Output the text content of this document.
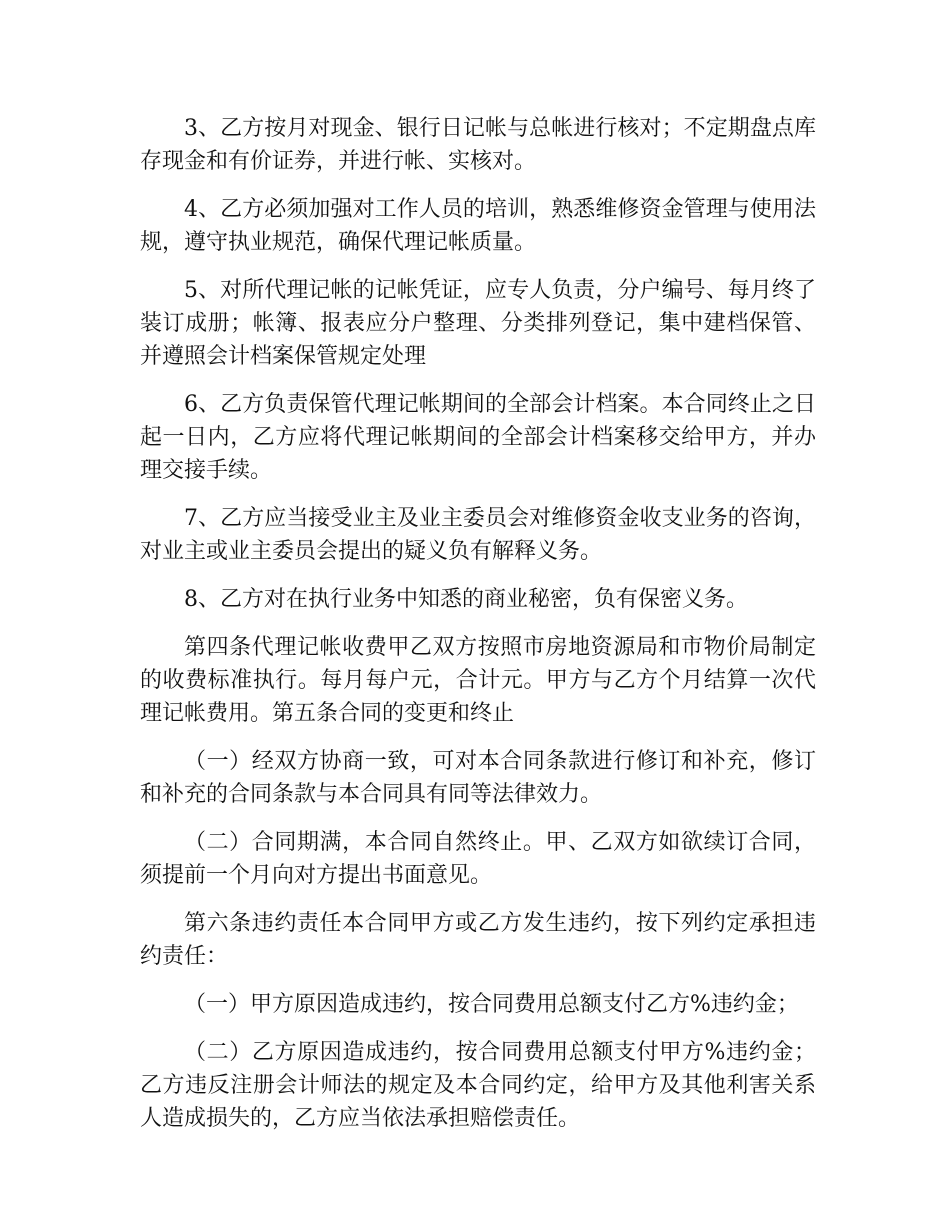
3、乙方按月对现金、银行日记帐与总帐进行核对；不定期盘点库存现金和有价证券，并进行帐、实核对。

4、乙方必须加强对工作人员的培训，熟悉维修资金管理与使用法规，遵守执业规范，确保代理记帐质量。

5、对所代理记帐的记帐凭证，应专人负责，分户编号、每月终了装订成册；帐簿、报表应分户整理、分类排列登记，集中建档保管、并遵照会计档案保管规定处理

6、乙方负责保管代理记帐期间的全部会计档案。本合同终止之日起一日内，乙方应将代理记帐期间的全部会计档案移交给甲方，并办理交接手续。

7、乙方应当接受业主及业主委员会对维修资金收支业务的咨询，对业主或业主委员会提出的疑义负有解释义务。

8、乙方对在执行业务中知悉的商业秘密，负有保密义务。

第四条代理记帐收费甲乙双方按照市房地资源局和市物价局制定的收费标准执行。每月每户元，合计元。甲方与乙方个月结算一次代理记帐费用。第五条合同的变更和终止

（一）经双方协商一致，可对本合同条款进行修订和补充，修订和补充的合同条款与本合同具有同等法律效力。

（二）合同期满，本合同自然终止。甲、乙双方如欲续订合同，须提前一个月向对方提出书面意见。

第六条违约责任本合同甲方或乙方发生违约，按下列约定承担违约责任：

（一）甲方原因造成违约，按合同费用总额支付乙方%违约金；

（二）乙方原因造成违约，按合同费用总额支付甲方%违约金；乙方违反注册会计师法的规定及本合同约定，给甲方及其他利害关系人造成损失的，乙方应当依法承担赔偿责任。
